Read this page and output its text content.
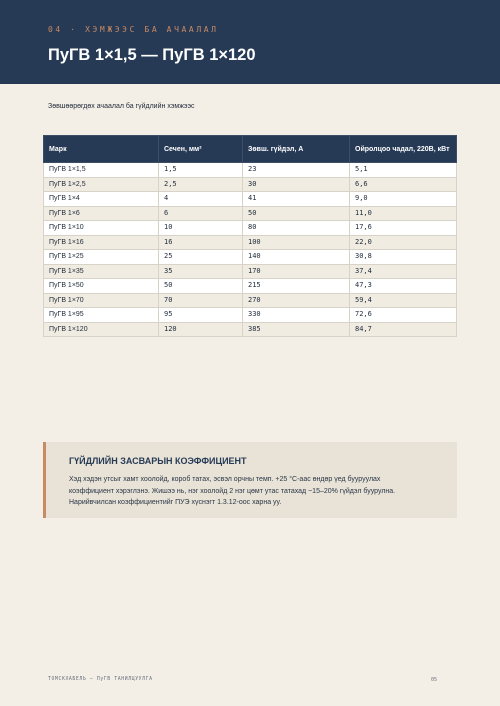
04 · ХЭМЖЭЭС БА АЧААЛАЛ
ПуГВ 1×1,5 — ПуГВ 1×120
Зөвшөөрөгдөх ачаалал ба гүйдлийн хэмжээс
Марк	Сечен, мм²	Зөвш. гүйдэл, А	Ойролцоо чадал, 220В, кВт
ПуГВ 1×1,5	1,5	23	5,1
ПуГВ 1×2,5	2,5	30	6,6
ПуГВ 1×4	4	41	9,0
ПуГВ 1×6	6	50	11,0
ПуГВ 1×10	10	80	17,6
ПуГВ 1×16	16	100	22,0
ПуГВ 1×25	25	140	30,8
ПуГВ 1×35	35	170	37,4
ПуГВ 1×50	50	215	47,3
ПуГВ 1×70	70	270	59,4
ПуГВ 1×95	95	330	72,6
ПуГВ 1×120	120	385	84,7
ГҮЙДЛИЙН ЗАСВАРЫН КОЭФФИЦИЕНТ
Хэд хэдэн утсыг хамт хоолойд, короб татах, эсвэл орчны темп. +25 °С-аас өндөр үед бууруулах
коэффициент хэрэглэнэ. Жишээ нь, нэг хоолойд 2 нэг цөмт утас татахад ~15–20% гүйдэл буурулна.
Нарийвчилсан коэффициентийг ПУЭ хүснэгт 1.3.12-оос харна уу.
ТОМСКХАБЕЛЬ — ПуГВ ТАНИЛЦУУЛГА	05
